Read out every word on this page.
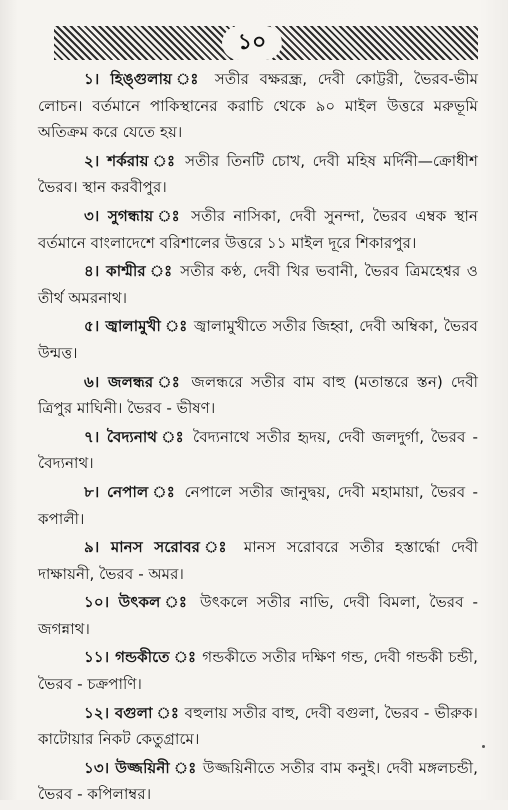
১০

১। হিঙ্গুলায় ঃ সতীর বক্ষরন্ধ্র, দেবী কোট্টরী, ভৈরব-ভীম লোচন। বর্তমানে পাকিস্থানের করাচি থেকে ৯০ মাইল উত্তরে মরুভূমি অতিক্রম করে যেতে হয়।

২। শর্করায় ঃ সতীর তিনটি চোখ, দেবী মহিষ মর্দিনী—ক্রোধীশ ভৈরব। স্থান করবীপুর।

৩। সুগন্ধায় ঃ সতীর নাসিকা, দেবী সুনন্দা, ভৈরব এম্বক স্থান বর্তমানে বাংলাদেশে বরিশালের উত্তরে ১১ মাইল দূরে শিকারপুর।

৪। কাশ্মীর ঃ সতীর কণ্ঠ, দেবী খির ভবানী, ভৈরব ত্রিমহেশ্বর ও তীর্থ অমরনাথ।

৫। জ্বালামুখী ঃ জ্বালামুখীতে সতীর জিহ্বা, দেবী অম্বিকা, ভৈরব উন্মত্ত।

৬। জলন্ধর ঃ জলন্ধরে সতীর বাম বাহু (মতান্তরে স্তন) দেবী ত্রিপুর মাঘিনী। ভৈরব - ভীষণ।

৭। বৈদ্যনাথ ঃ বৈদ্যনাথে সতীর হৃদয়, দেবী জলদুর্গা, ভৈরব - বৈদ্যনাথ।

৮। নেপাল ঃ নেপালে সতীর জানুদ্বয়, দেবী মহামায়া, ভৈরব - কপালী।

৯। মানস সরোবর ঃ মানস সরোবরে সতীর হস্তার্দ্ধো দেবী দাক্ষায়নী, ভৈরব - অমর।

১০। উৎকল ঃ উৎকলে সতীর নাভি, দেবী বিমলা, ভৈরব - জগন্নাথ।

১১। গন্ডকীতে ঃ গন্ডকীতে সতীর দক্ষিণ গন্ড, দেবী গন্ডকী চন্ডী, ভৈরব - চক্রপাণি।

১২। বগুলা ঃ বহুলায় সতীর বাহু, দেবী বগুলা, ভৈরব - ভীরুক। কাটোয়ার নিকট কেতুগ্রামে।

১৩। উজ্জয়িনী ঃ উজ্জয়িনীতে সতীর বাম কনুই। দেবী মঙ্গলচন্ডী, ভৈরব - কপিলাম্বর।
